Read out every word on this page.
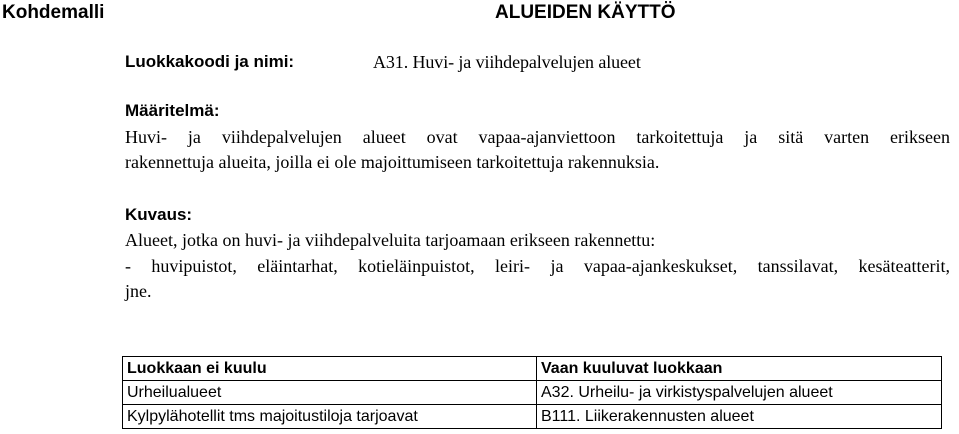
Kohdemalli	ALUEIDEN KÄYTTÖ
Luokkakoodi ja nimi:	A31. Huvi- ja viihdepalvelujen alueet
Määritelmä:
Huvi- ja viihdepalvelujen alueet ovat vapaa-ajanviettoon tarkoitettuja ja sitä varten erikseen
rakennettuja alueita, joilla ei ole majoittumiseen tarkoitettuja rakennuksia.
Kuvaus:
Alueet, jotka on huvi- ja viihdepalveluita tarjoamaan erikseen rakennettu:
- huvipuistot, eläintarhat, kotieläinpuistot, leiri- ja vapaa-ajankeskukset, tanssilavat, kesäteatterit,
jne.
Luokkaan ei kuulu	Vaan kuuluvat luokkaan
Urheilualueet	A32. Urheilu- ja virkistyspalvelujen alueet
Kylpylähotellit tms majoitustiloja tarjoavat	B111. Liikerakennusten alueet
